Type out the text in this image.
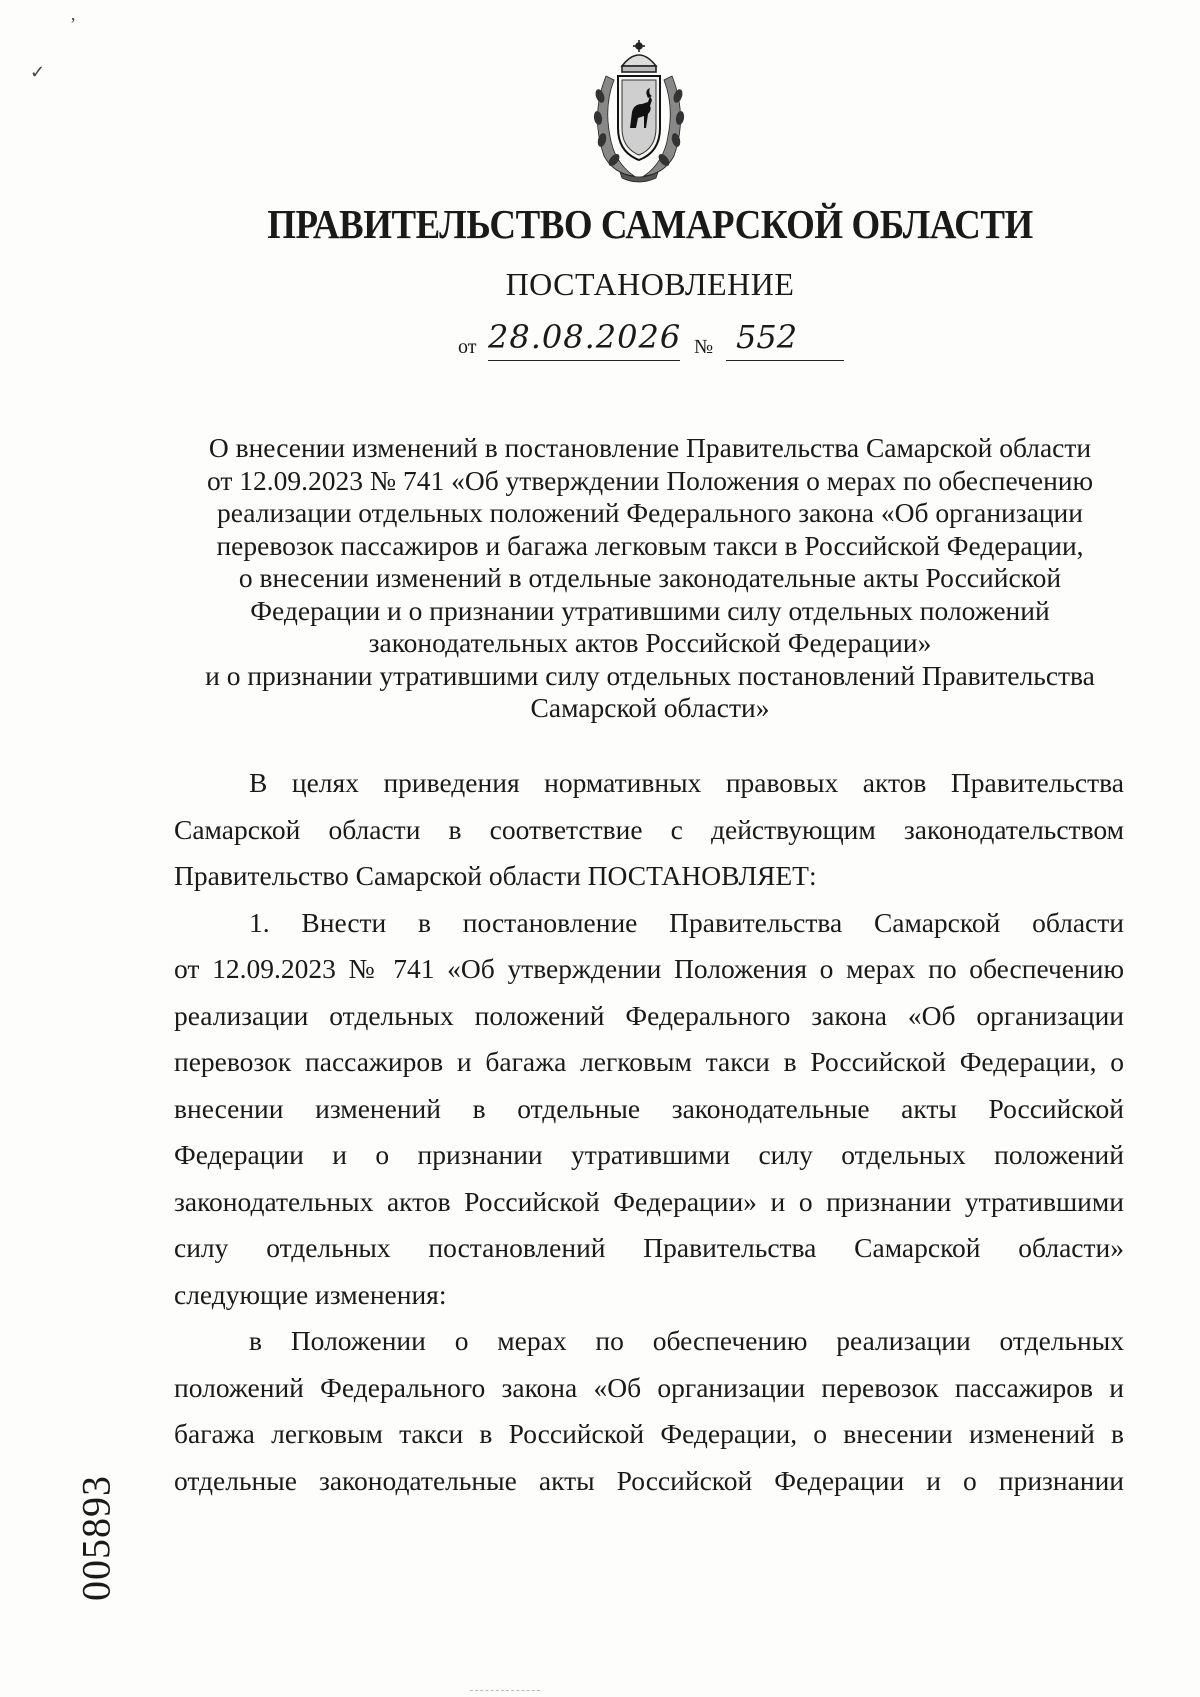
ПРАВИТЕЛЬСТВО САМАРСКОЙ ОБЛАСТИ
ПОСТАНОВЛЕНИЕ
от 28.08.2026 № 552
О внесении изменений в постановление Правительства Самарской области
от 12.09.2023 № 741 «Об утверждении Положения о мерах по обеспечению
реализации отдельных положений Федерального закона «Об организации
перевозок пассажиров и багажа легковым такси в Российской Федерации,
о внесении изменений в отдельные законодательные акты Российской
Федерации и о признании утратившими силу отдельных положений
законодательных актов Российской Федерации»
и о признании утратившими силу отдельных постановлений Правительства
Самарской области»
В целях приведения нормативных правовых актов Правительства
Самарской области в соответствие с действующим законодательством
Правительство Самарской области ПОСТАНОВЛЯЕТ:
1. Внести в постановление Правительства Самарской области
от 12.09.2023 № 741 «Об утверждении Положения о мерах по обеспечению
реализации отдельных положений Федерального закона «Об организации
перевозок пассажиров и багажа легковым такси в Российской Федерации, о
внесении изменений в отдельные законодательные акты Российской
Федерации и о признании утратившими силу отдельных положений
законодательных актов Российской Федерации» и о признании утратившими
силу отдельных постановлений Правительства Самарской области»
следующие изменения:
в Положении о мерах по обеспечению реализации отдельных
положений Федерального закона «Об организации перевозок пассажиров и
багажа легковым такси в Российской Федерации, о внесении изменений в
отдельные законодательные акты Российской Федерации и о признании
005893
ʼ
✓
